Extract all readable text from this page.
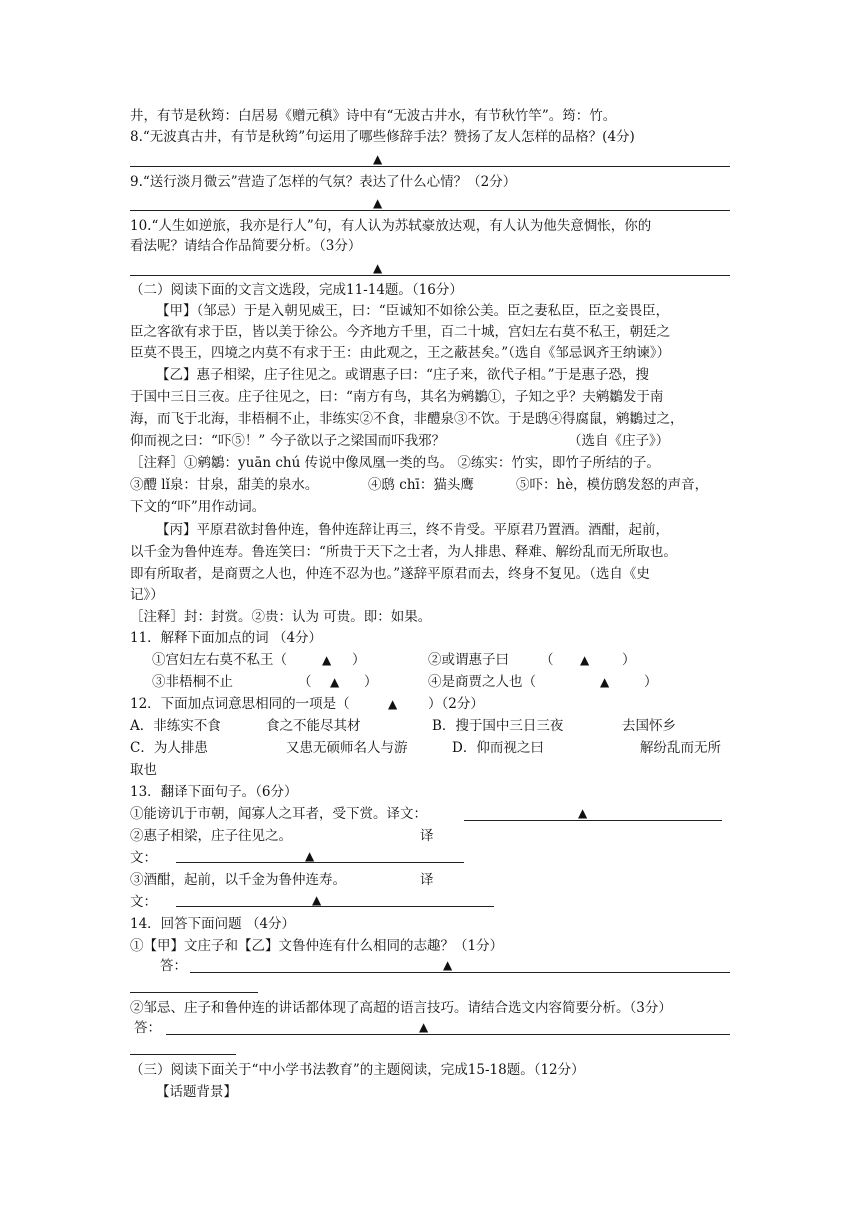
井，有节是秋筠：白居易《赠元稹》诗中有“无波古井水，有节秋竹竿”。筠：竹。
8.“无波真古井，有节是秋筠”句运用了哪些修辞手法？赞扬了友人怎样的品格？(4分)
▲
9.“送行淡月微云”营造了怎样的气氛？表达了什么心情？（2分）
▲
10.“人生如逆旅，我亦是行人”句，有人认为苏轼豪放达观，有人认为他失意惆怅，你的
看法呢？请结合作品简要分析。（3分）
▲
（二）阅读下面的文言文选段，完成11-14题。（16分）
【甲】（邹忌）于是入朝见威王，曰：“臣诚知不如徐公美。臣之妻私臣，臣之妾畏臣，
臣之客欲有求于臣，皆以美于徐公。今齐地方千里，百二十城，宫妇左右莫不私王，朝廷之
臣莫不畏王，四境之内莫不有求于王：由此观之，王之蔽甚矣。”（选自《邹忌讽齐王纳谏》）
【乙】惠子相梁，庄子往见之。或谓惠子曰：“庄子来，欲代子相。”于是惠子恐，搜
于国中三日三夜。庄子往见之，曰：“南方有鸟，其名为鹓鶵①，子知之乎？夫鹓鶵发于南
海，而飞于北海，非梧桐不止，非练实②不食，非醴泉③不饮。于是鸱④得腐鼠，鹓鶵过之，
仰而视之曰：“吓⑤！” 今子欲以子之梁国而吓我邪？	（选自《庄子》）
［注释］①鹓鶵：yuān chú 传说中像凤凰一类的鸟。 ②练实：竹实，即竹子所结的子。
③醴 lǐ泉：甘泉，甜美的泉水。	④鸱 chī：猫头鹰	⑤吓：hè，模仿鸱发怒的声音，
下文的“吓”用作动词。
【丙】平原君欲封鲁仲连，鲁仲连辞让再三，终不肯受。平原君乃置酒。酒酣，起前，
以千金为鲁仲连寿。鲁连笑曰：“所贵于天下之士者，为人排患、释难、解纷乱而无所取也。
即有所取者，是商贾之人也，仲连不忍为也。”遂辞平原君而去，终身不复见。（选自《史
记》）
［注释］封：封赏。②贵：认为 可贵。即：如果。
11．解释下面加点的词 （4分）
①宫妇左右莫不私王（	▲ ）	②或谓惠子曰 （ ▲ ）
③非梧桐不止	（ ▲ ）	④是商贾之人也（	▲	）
12．下面加点词意思相同的一项是（	▲ ）（2分）
A．非练实不食	食之不能尽其材	B．搜于国中三日三夜	去国怀乡
C．为人排患	又患无硕师名人与游	D．仰而视之曰	解纷乱而无所
取也
13．翻译下面句子。（6分）
①能谤讥于市朝，闻寡人之耳者，受下赏。译文：	▲
②惠子相梁，庄子往见之。	译
文：	▲
③酒酣，起前，以千金为鲁仲连寿。	译
文：	▲
14．回答下面问题 （4分）
①【甲】文庄子和【乙】文鲁仲连有什么相同的志趣？（1分）
答：	▲
②邹忌、庄子和鲁仲连的讲话都体现了高超的语言技巧。请结合选文内容简要分析。（3分）
答：	▲
（三）阅读下面关于“中小学书法教育”的主题阅读，完成15-18题。（12分）
【话题背景】
